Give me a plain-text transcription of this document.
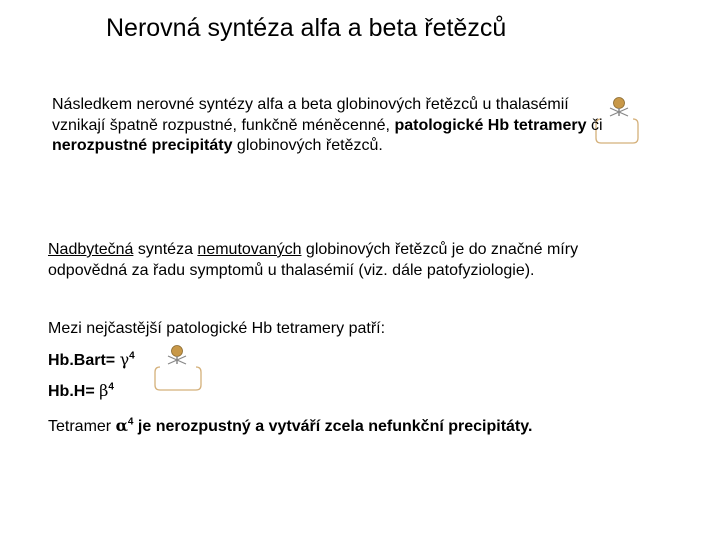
Nerovná syntéza alfa a beta řetězců

Následkem nerovné syntézy alfa a beta globinových řetězců u thalasémií vznikají špatně rozpustné, funkčně méněcenné, patologické Hb tetramery či nerozpustné precipitáty globinových řetězců.

Nadbytečná syntéza nemutovaných globinových řetězců je do značné míry odpovědná za řadu symptomů u thalasémií (viz. dále patofyziologie).

Mezi nejčastější patologické Hb tetramery patří:

Hb.Bart= $\gamma^4$

$Hb.H= \beta^4$

Tetramer $\alpha^4$ je nerozpustný a vytváří zcela nefunkční precipitáty.
